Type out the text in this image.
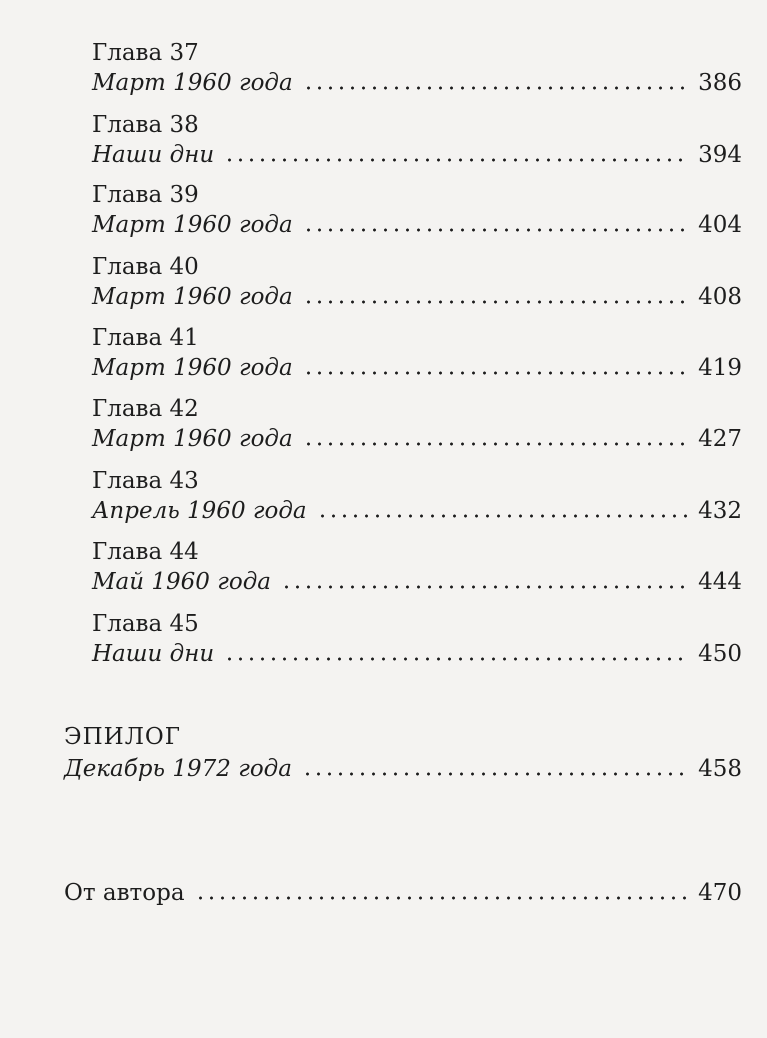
Глава 37
Март 1960 года	386
Глава 38
Наши дни	394
Глава 39
Март 1960 года	404
Глава 40
Март 1960 года	408
Глава 41
Март 1960 года	419
Глава 42
Март 1960 года	427
Глава 43
Апрель 1960 года	432
Глава 44
Май 1960 года	444
Глава 45
Наши дни	450
ЭПИЛОГ
Декабрь 1972 года	458
От автора	470
